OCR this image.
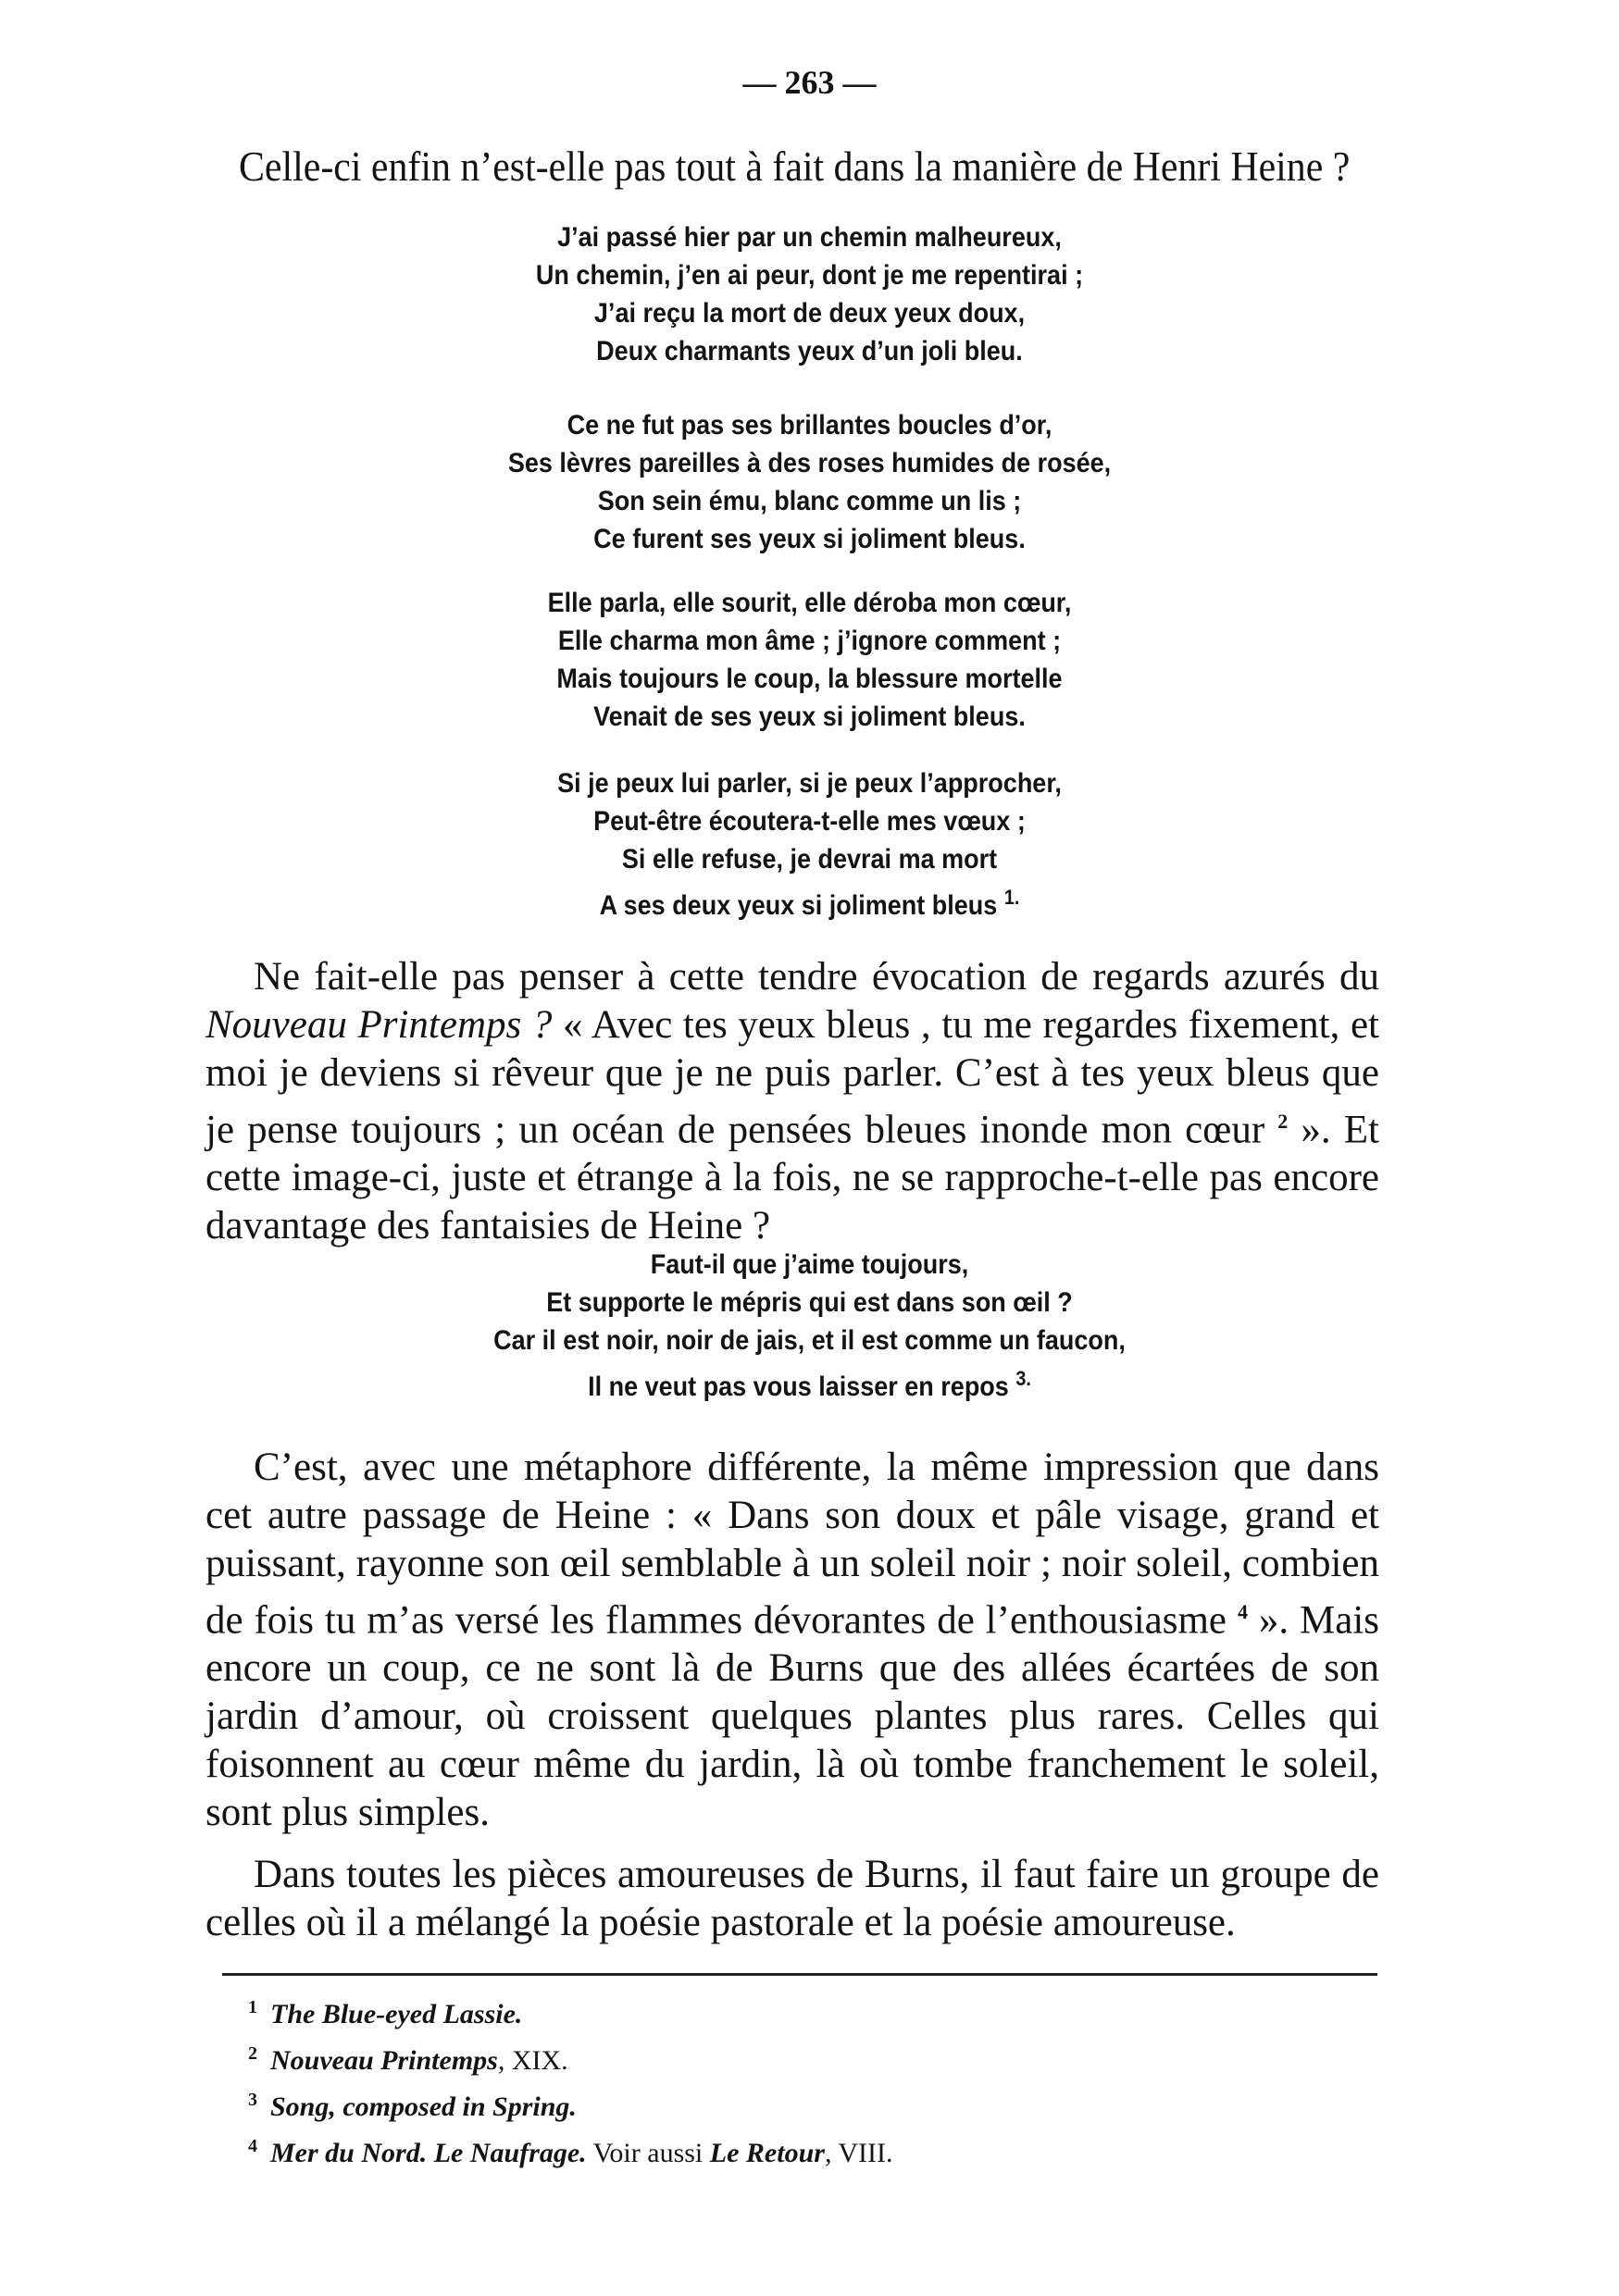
— 263 —
Celle-ci enfin n’est-elle pas tout à fait dans la manière de Henri Heine ?
J’ai passé hier par un chemin malheureux,
Un chemin, j’en ai peur, dont je me repentirai ;
J’ai reçu la mort de deux yeux doux,
Deux charmants yeux d’un joli bleu.
Ce ne fut pas ses brillantes boucles d’or,
Ses lèvres pareilles à des roses humides de rosée,
Son sein ému, blanc comme un lis ;
Ce furent ses yeux si joliment bleus.
Elle parla, elle sourit, elle déroba mon cœur,
Elle charma mon âme ; j’ignore comment ;
Mais toujours le coup, la blessure mortelle
Venait de ses yeux si joliment bleus.
Si je peux lui parler, si je peux l’approcher,
Peut-être écoutera-t-elle mes vœux ;
Si elle refuse, je devrai ma mort
A ses deux yeux si joliment bleus $^{1.}$

Ne fait-elle pas penser à cette tendre évocation de regards azurés du Nouveau Printemps ? « Avec tes yeux bleus , tu me regardes fixement, et moi je deviens si rêveur que je ne puis parler. C’est à tes yeux bleus que je pense toujours ; un océan de pensées bleues inonde mon cœur $^2$ ». Et cette image-ci, juste et étrange à la fois, ne se rapproche-t-elle pas encore davantage des fantaisies de Heine ?

Faut-il que j’aime toujours,
Et supporte le mépris qui est dans son œil ?
Car il est noir, noir de jais, et il est comme un faucon,
Il ne veut pas vous laisser en repos $^{3.}$

C’est, avec une métaphore différente, la même impression que dans cet autre passage de Heine : « Dans son doux et pâle visage, grand et puissant, rayonne son œil semblable à un soleil noir ; noir soleil, combien de fois tu m’as versé les flammes dévorantes de l’enthousiasme $^4$ ». Mais encore un coup, ce ne sont là de Burns que des allées écartées de son jardin d’amour, où croissent quelques plantes plus rares. Celles qui foisonnent au cœur même du jardin, là où tombe franchement le soleil, sont plus simples.

Dans toutes les pièces amoureuses de Burns, il faut faire un groupe de celles où il a mélangé la poésie pastorale et la poésie amoureuse.

$^1$ The Blue-eyed Lassie.
$^2$ Nouveau Printemps, XIX.
$^3$ Song, composed in Spring.
$^4$ Mer du Nord. Le Naufrage. Voir aussi Le Retour, VIII.
